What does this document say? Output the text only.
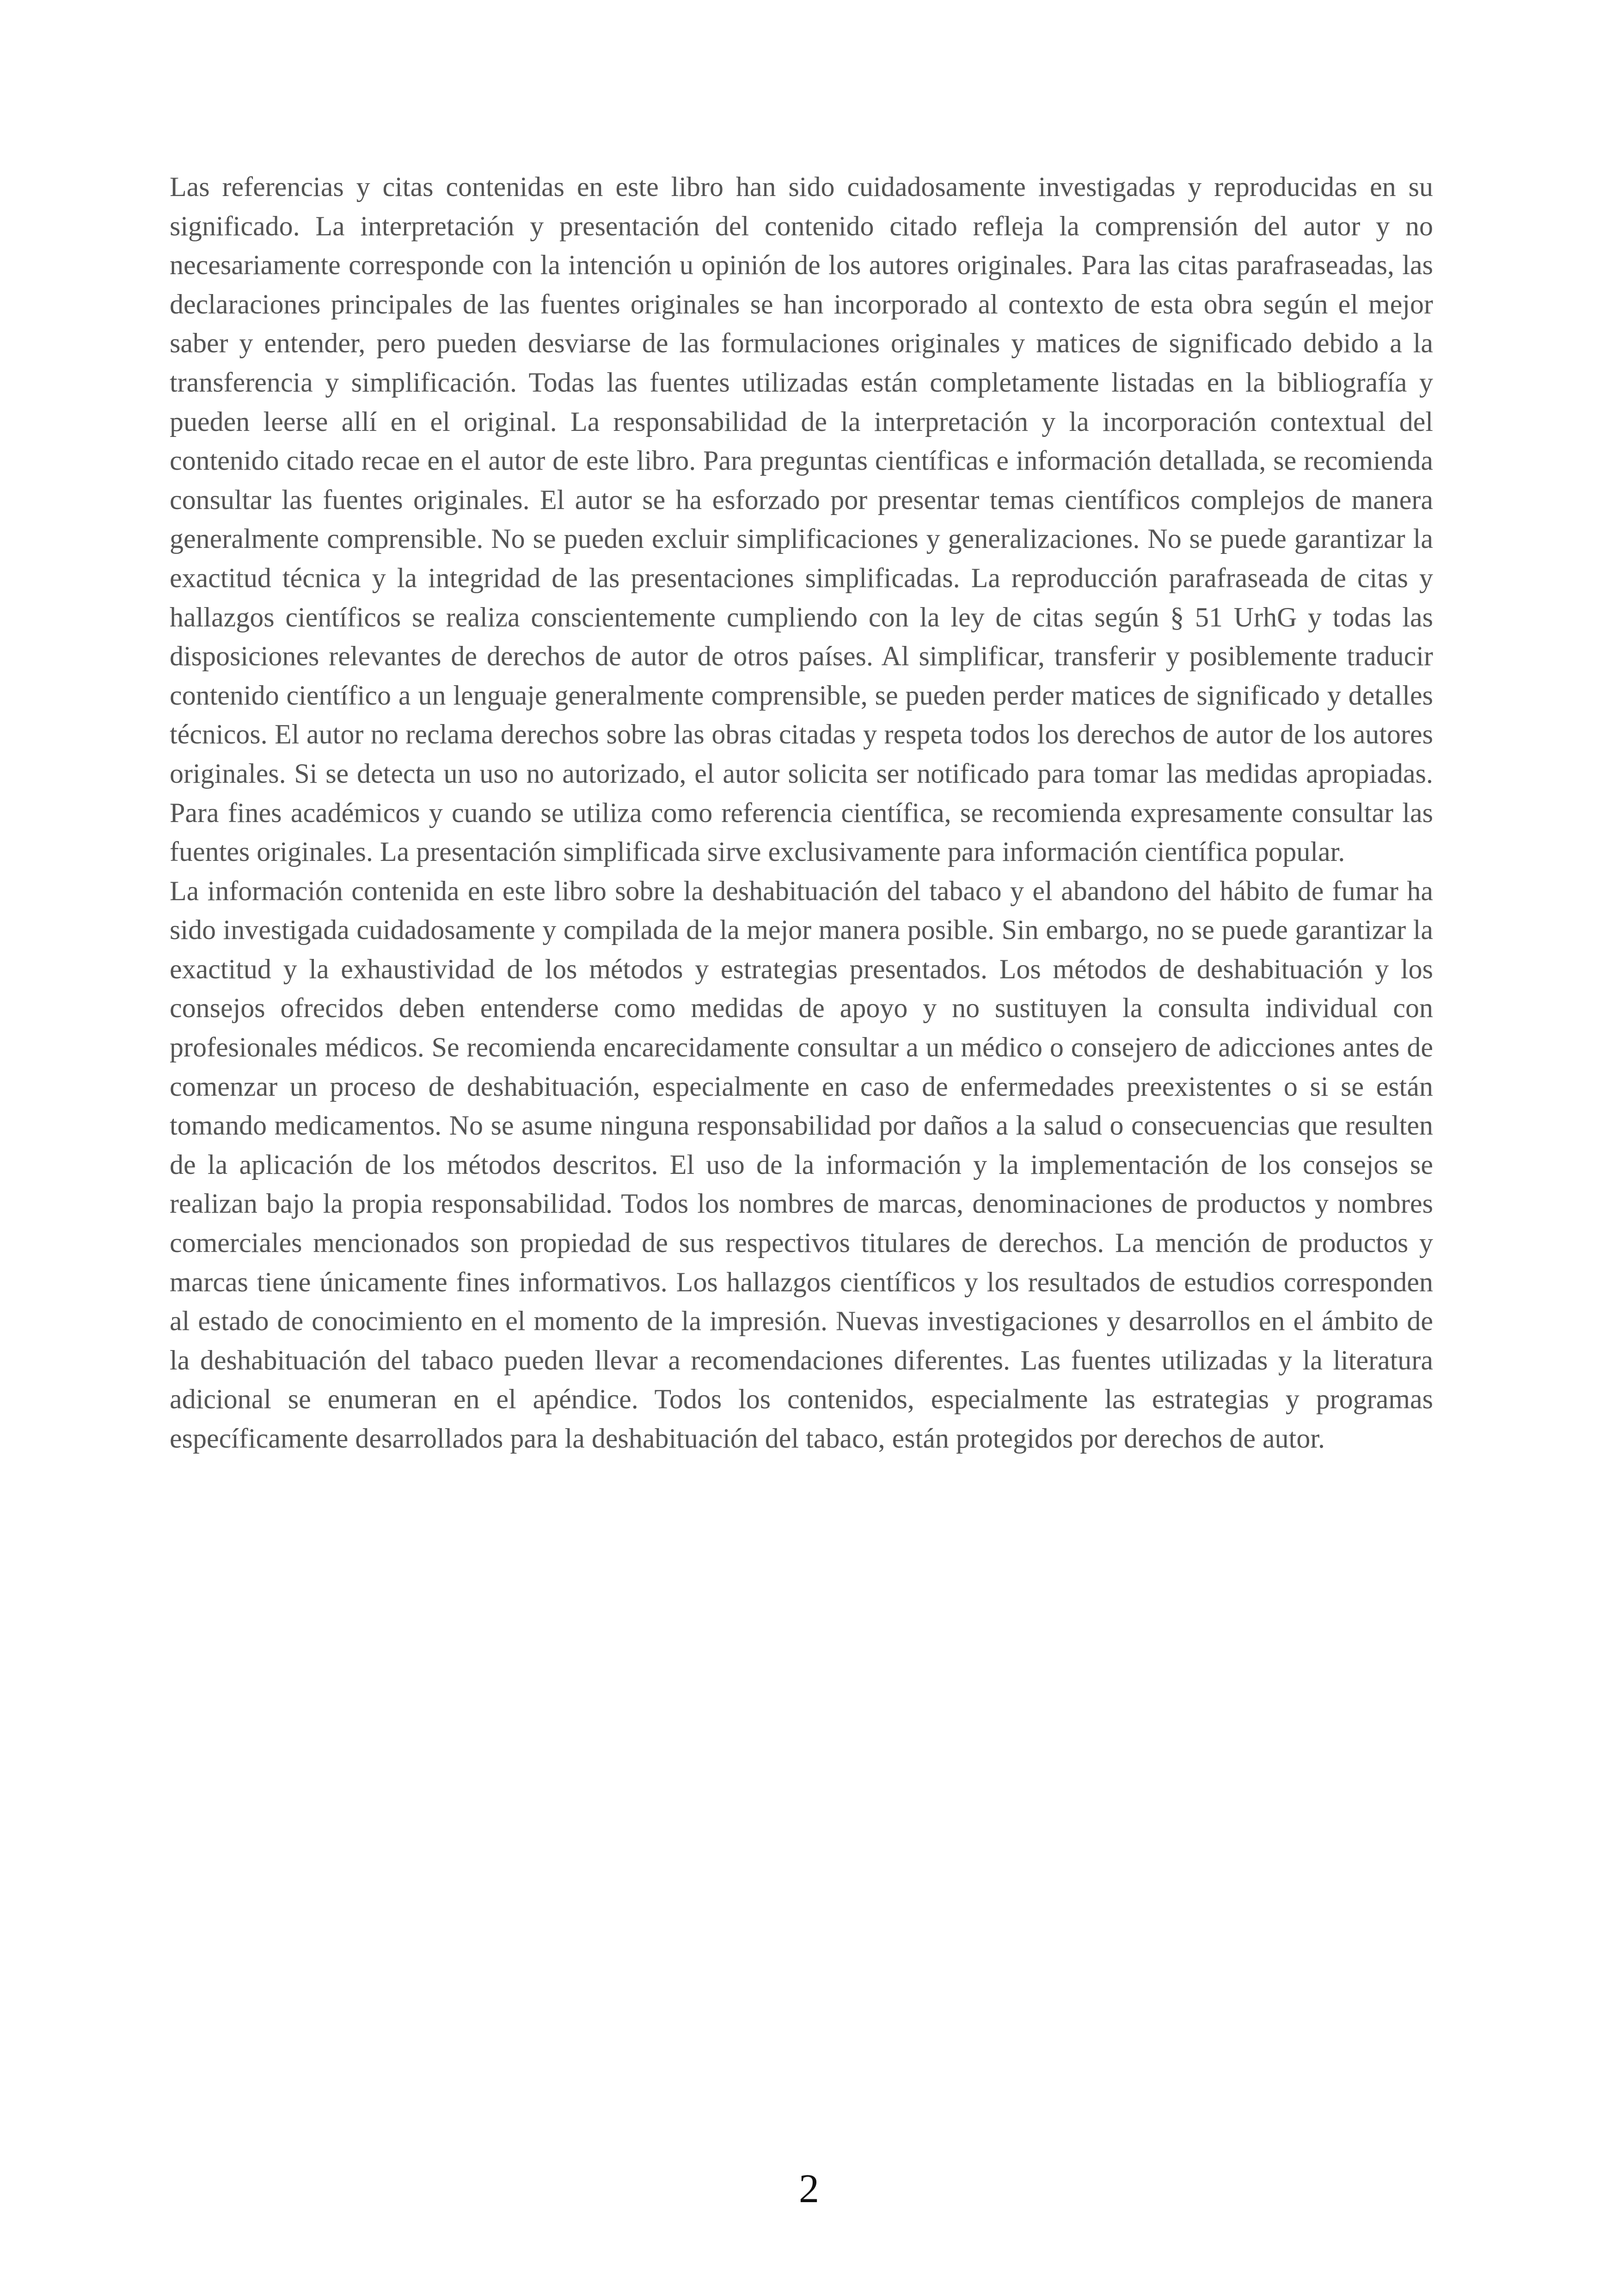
Las referencias y citas contenidas en este libro han sido cuidadosamente investigadas y reproducidas en su significado. La interpretación y presentación del contenido citado refleja la comprensión del autor y no necesariamente corresponde con la intención u opinión de los autores originales. Para las citas parafraseadas, las declaraciones principales de las fuentes originales se han incorporado al contexto de esta obra según el mejor saber y entender, pero pueden desviarse de las formulaciones originales y matices de significado debido a la transferencia y simplificación. Todas las fuentes utilizadas están completamente listadas en la bibliografía y pueden leerse allí en el original. La responsabilidad de la interpretación y la incorporación contextual del contenido citado recae en el autor de este libro. Para preguntas científicas e información detallada, se recomienda consultar las fuentes originales. El autor se ha esforzado por presentar temas científicos complejos de manera generalmente comprensible. No se pueden excluir simplificaciones y generalizaciones. No se puede garantizar la exactitud técnica y la integridad de las presentaciones simplificadas. La reproducción parafraseada de citas y hallazgos científicos se realiza conscientemente cumpliendo con la ley de citas según § 51 UrhG y todas las disposiciones relevantes de derechos de autor de otros países. Al simplificar, transferir y posiblemente traducir contenido científico a un lenguaje generalmente comprensible, se pueden perder matices de significado y detalles técnicos. El autor no reclama derechos sobre las obras citadas y respeta todos los derechos de autor de los autores originales. Si se detecta un uso no autorizado, el autor solicita ser notificado para tomar las medidas apropiadas. Para fines académicos y cuando se utiliza como referencia científica, se recomienda expresamente consultar las fuentes originales. La presentación simplificada sirve exclusivamente para información científica popular.

La información contenida en este libro sobre la deshabituación del tabaco y el abandono del hábito de fumar ha sido investigada cuidadosamente y compilada de la mejor manera posible. Sin embargo, no se puede garantizar la exactitud y la exhaustividad de los métodos y estrategias presentados. Los métodos de deshabituación y los consejos ofrecidos deben entenderse como medidas de apoyo y no sustituyen la consulta individual con profesionales médicos. Se recomienda encarecidamente consultar a un médico o consejero de adicciones antes de comenzar un proceso de deshabituación, especialmente en caso de enfermedades preexistentes o si se están tomando medicamentos. No se asume ninguna responsabilidad por daños a la salud o consecuencias que resulten de la aplicación de los métodos descritos. El uso de la información y la implementación de los consejos se realizan bajo la propia responsabilidad. Todos los nombres de marcas, denominaciones de productos y nombres comerciales mencionados son propiedad de sus respectivos titulares de derechos. La mención de productos y marcas tiene únicamente fines informativos. Los hallazgos científicos y los resultados de estudios corresponden al estado de conocimiento en el momento de la impresión. Nuevas investigaciones y desarrollos en el ámbito de la deshabituación del tabaco pueden llevar a recomendaciones diferentes. Las fuentes utilizadas y la literatura adicional se enumeran en el apéndice. Todos los contenidos, especialmente las estrategias y programas específicamente desarrollados para la deshabituación del tabaco, están protegidos por derechos de autor.

2
